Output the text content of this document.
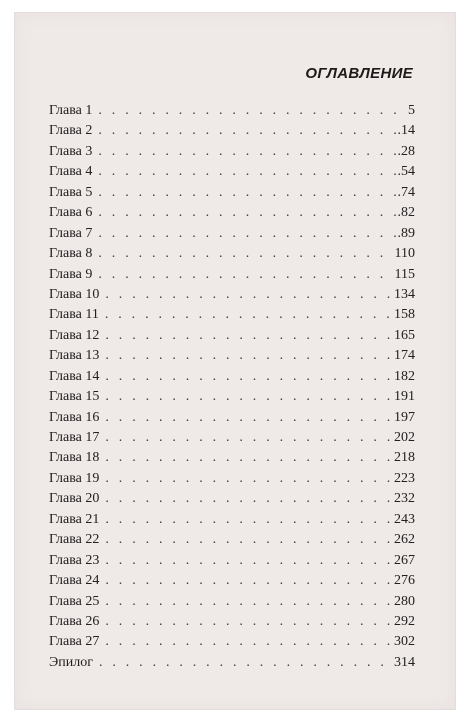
ОГЛАВЛЕНИЕ
Глава 1 . . .	5
Глава 2 . . .	.14
Глава 3 . . .	.28
Глава 4 . . .	.54
Глава 5 . . .	.74
Глава 6 . . .	.82
Глава 7 . . .	.89
Глава 8 . . .	110
Глава 9 . . .	115
Глава 10 . . .	134
Глава 11 . . .	158
Глава 12 . . .	165
Глава 13 . . .	174
Глава 14 . . .	182
Глава 15 . . .	191
Глава 16 . . .	197
Глава 17 . . .	202
Глава 18 . . .	218
Глава 19 . . .	223
Глава 20 . . .	232
Глава 21 . . .	243
Глава 22 . . .	262
Глава 23 . . .	267
Глава 24 . . .	276
Глава 25 . . .	280
Глава 26 . . .	292
Глава 27 . . .	302
Эпилог . . .	314
